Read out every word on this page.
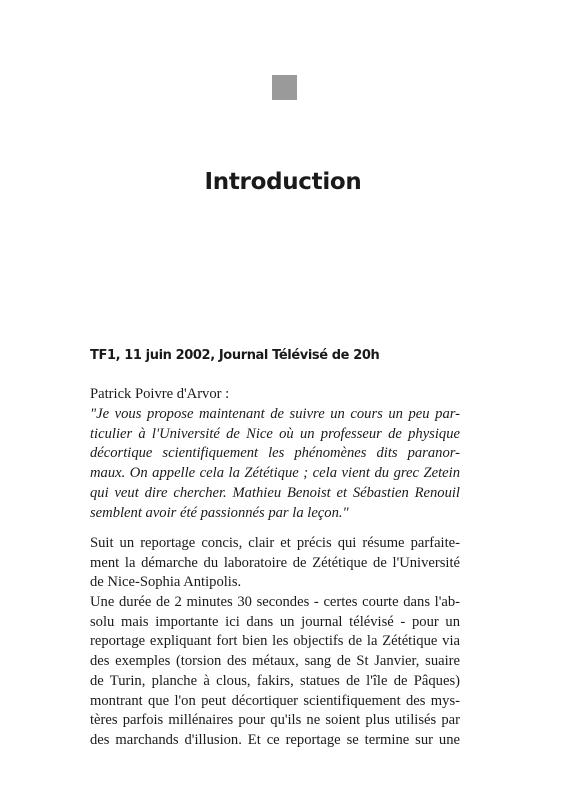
Introduction
TF1, 11 juin 2002, Journal Télévisé de 20h

Patrick Poivre d'Arvor :

"Je vous propose maintenant de suivre un cours un peu par-
ticulier à l'Université de Nice où un professeur de physique
décortique scientifiquement les phénomènes dits paranor-
maux. On appelle cela la Zététique ; cela vient du grec Zetein
qui veut dire chercher. Mathieu Benoist et Sébastien Renouil
semblent avoir été passionnés par la leçon."

Suit un reportage concis, clair et précis qui résume parfaite-
ment la démarche du laboratoire de Zététique de l'Université
de Nice-Sophia Antipolis.

Une durée de 2 minutes 30 secondes - certes courte dans l'ab-
solu mais importante ici dans un journal télévisé - pour un
reportage expliquant fort bien les objectifs de la Zététique via
des exemples (torsion des métaux, sang de St Janvier, suaire
de Turin, planche à clous, fakirs, statues de l'île de Pâques)
montrant que l'on peut décortiquer scientifiquement des mys-
tères parfois millénaires pour qu'ils ne soient plus utilisés par
des marchands d'illusion. Et ce reportage se termine sur une
